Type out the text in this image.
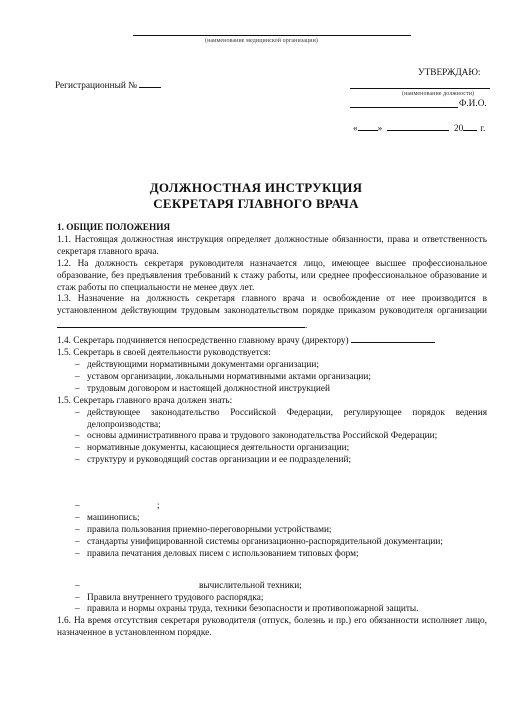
(наименование медицинской организации)
Регистрационный №
УТВЕРЖДАЮ:
(наименование должности)
Ф.И.О.
« »	20 г.
ДОЛЖНОСТНАЯ ИНСТРУКЦИЯ
СЕКРЕТАРЯ ГЛАВНОГО ВРАЧА

1. ОБЩИЕ ПОЛОЖЕНИЯ

1.1. Настоящая должностная инструкция определяет должностные обязанности, права и ответственность секретаря главного врача.

1.2. На должность секретаря руководителя назначается лицо, имеющее высшее профессиональное образование, без предъявления требований к стажу работы, или среднее профессиональное образование и стаж работы по специальности не менее двух лет.

1.3. Назначение на должность секретаря главного врача и освобождение от нее производится в установленном действующим трудовым законодательством порядке приказом руководителя организации .

1.4. Секретарь подчиняется непосредственно главному врачу (директору)

1.5. Секретарь в своей деятельности руководствуется:

– действующими нормативными документами организации;
– уставом организации, локальными нормативными актами организации;
– трудовым договором и настоящей должностной инструкцией

1.5. Секретарь главного врача должен знать:

– действующее законодательство Российской Федерации, регулирующее порядок ведения делопроизводства;
– основы административного права и трудового законодательства Российской Федерации;
– нормативные документы, касающиеся деятельности организации;
– структуру и руководящий состав организации и ее подразделений;
– ;
– машинопись;
– правила пользования приемно-переговорными устройствами;
– стандарты унифицированной системы организационно-распорядительной документации;
– правила печатания деловых писем с использованием типовых форм;
– вычислительной техники;
– Правила внутреннего трудового распорядка;
– правила и нормы охраны труда, техники безопасности и противопожарной защиты.

1.6. На время отсутствия секретаря руководителя (отпуск, болезнь и пр.) его обязанности исполняет лицо, назначенное в установленном порядке.
